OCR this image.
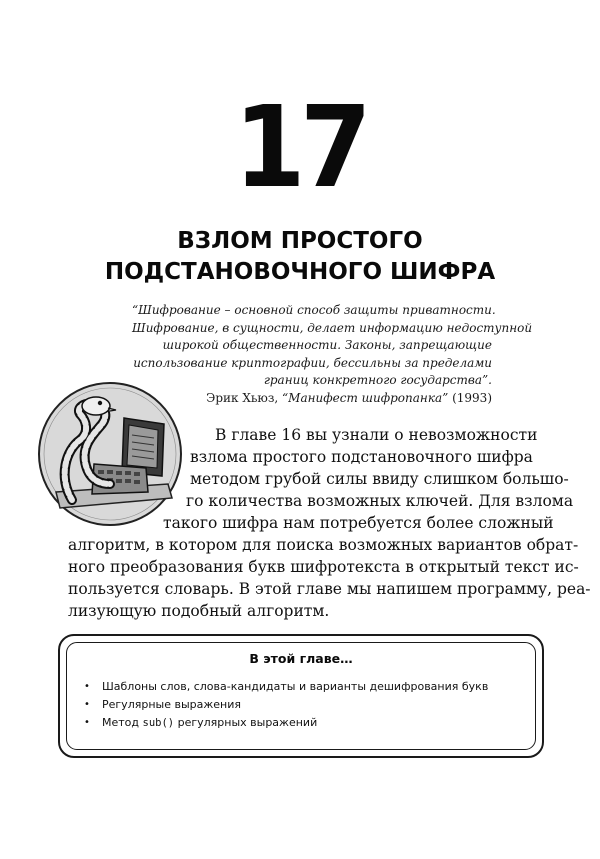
17
ВЗЛОМ ПРОСТОГО
ПОДСТАНОВОЧНОГО ШИФРА
“Шифрование – основной способ защиты приватности.
Шифрование, в сущности, делает информацию недоступной
широкой общественности. Законы, запрещающие
использование криптографии, бессильны за пределами
границ конкретного государства”.
Эрик Хьюз, “Манифест шифропанка” (1993)
В главе 16 вы узнали о невозможности
взлома простого подстановочного шифра
методом грубой силы ввиду слишком большо-
го количества возможных ключей. Для взлома
такого шифра нам потребуется более сложный
алгоритм, в котором для поиска возможных вариантов обрат-
ного преобразования букв шифротекста в открытый текст ис-
пользуется словарь. В этой главе мы напишем программу, реа-
лизующую подобный алгоритм.
В этой главе…
• Шаблоны слов, слова-кандидаты и варианты дешифрования букв
• Регулярные выражения
• Метод sub() регулярных выражений
